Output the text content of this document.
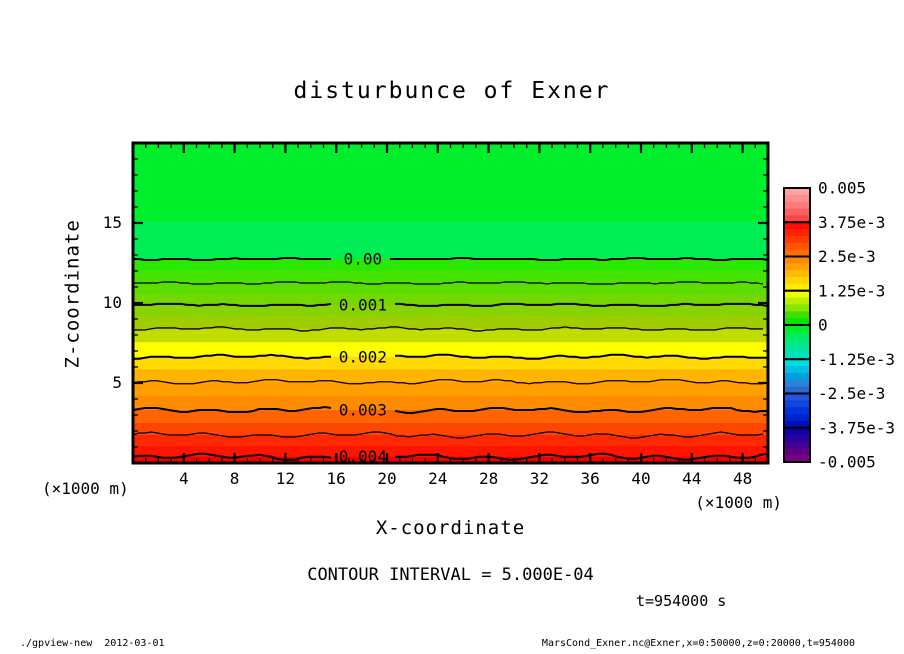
disturbunce of Exner
0.00
0.001
0.002
0.003
0.004
4	8	12	16	20	24	28	32	36	40	44	48
5
10
15
X-coordinate
Z-coordinate
(×1000 m)
(×1000 m)
0.005
3.75e-3
2.5e-3
1.25e-3
0
-1.25e-3
-2.5e-3
-3.75e-3
-0.005
CONTOUR INTERVAL = 5.000E-04
t=954000 s
./gpview-new  2012-03-01	MarsCond_Exner.nc@Exner,x=0:50000,z=0:20000,t=954000
